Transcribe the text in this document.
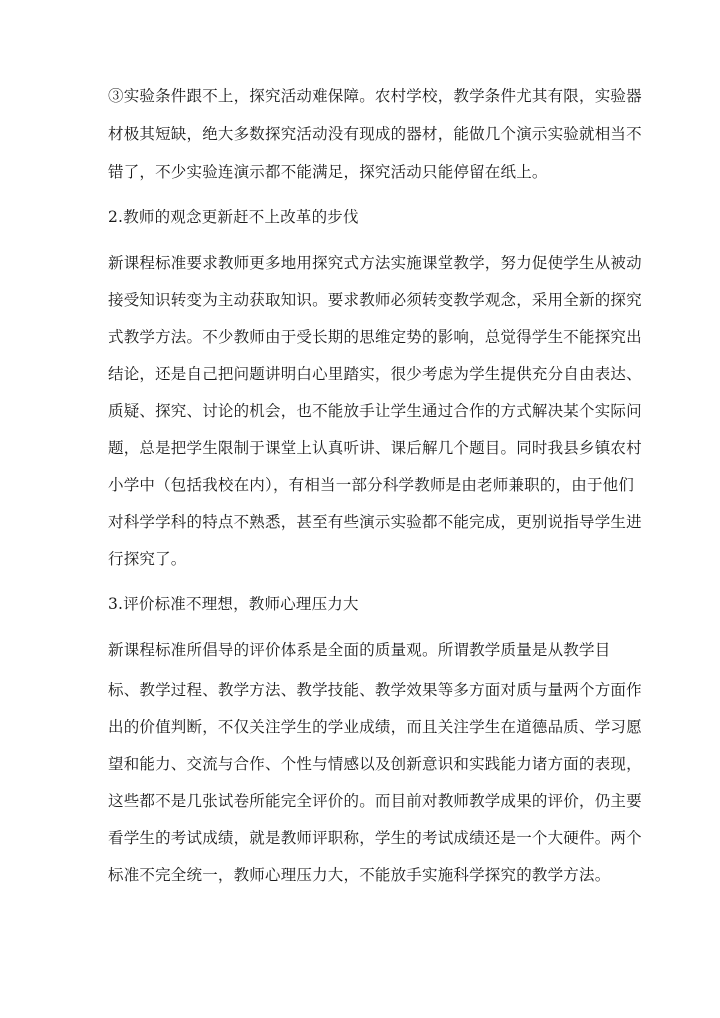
③实验条件跟不上，探究活动难保障。农村学校，教学条件尤其有限，实验器
材极其短缺，绝大多数探究活动没有现成的器材，能做几个演示实验就相当不
错了，不少实验连演示都不能满足，探究活动只能停留在纸上。
2.教师的观念更新赶不上改革的步伐
新课程标准要求教师更多地用探究式方法实施课堂教学，努力促使学生从被动
接受知识转变为主动获取知识。要求教师必须转变教学观念，采用全新的探究
式教学方法。不少教师由于受长期的思维定势的影响，总觉得学生不能探究出
结论，还是自己把问题讲明白心里踏实，很少考虑为学生提供充分自由表达、
质疑、探究、讨论的机会，也不能放手让学生通过合作的方式解决某个实际问
题，总是把学生限制于课堂上认真听讲、课后解几个题目。同时我县乡镇农村
小学中（包括我校在内），有相当一部分科学教师是由老师兼职的，由于他们
对科学学科的特点不熟悉，甚至有些演示实验都不能完成，更别说指导学生进
行探究了。
3.评价标准不理想，教师心理压力大
新课程标准所倡导的评价体系是全面的质量观。所谓教学质量是从教学目
标、教学过程、教学方法、教学技能、教学效果等多方面对质与量两个方面作
出的价值判断，不仅关注学生的学业成绩，而且关注学生在道德品质、学习愿
望和能力、交流与合作、个性与情感以及创新意识和实践能力诸方面的表现，
这些都不是几张试卷所能完全评价的。而目前对教师教学成果的评价，仍主要
看学生的考试成绩，就是教师评职称，学生的考试成绩还是一个大硬件。两个
标准不完全统一，教师心理压力大，不能放手实施科学探究的教学方法。
